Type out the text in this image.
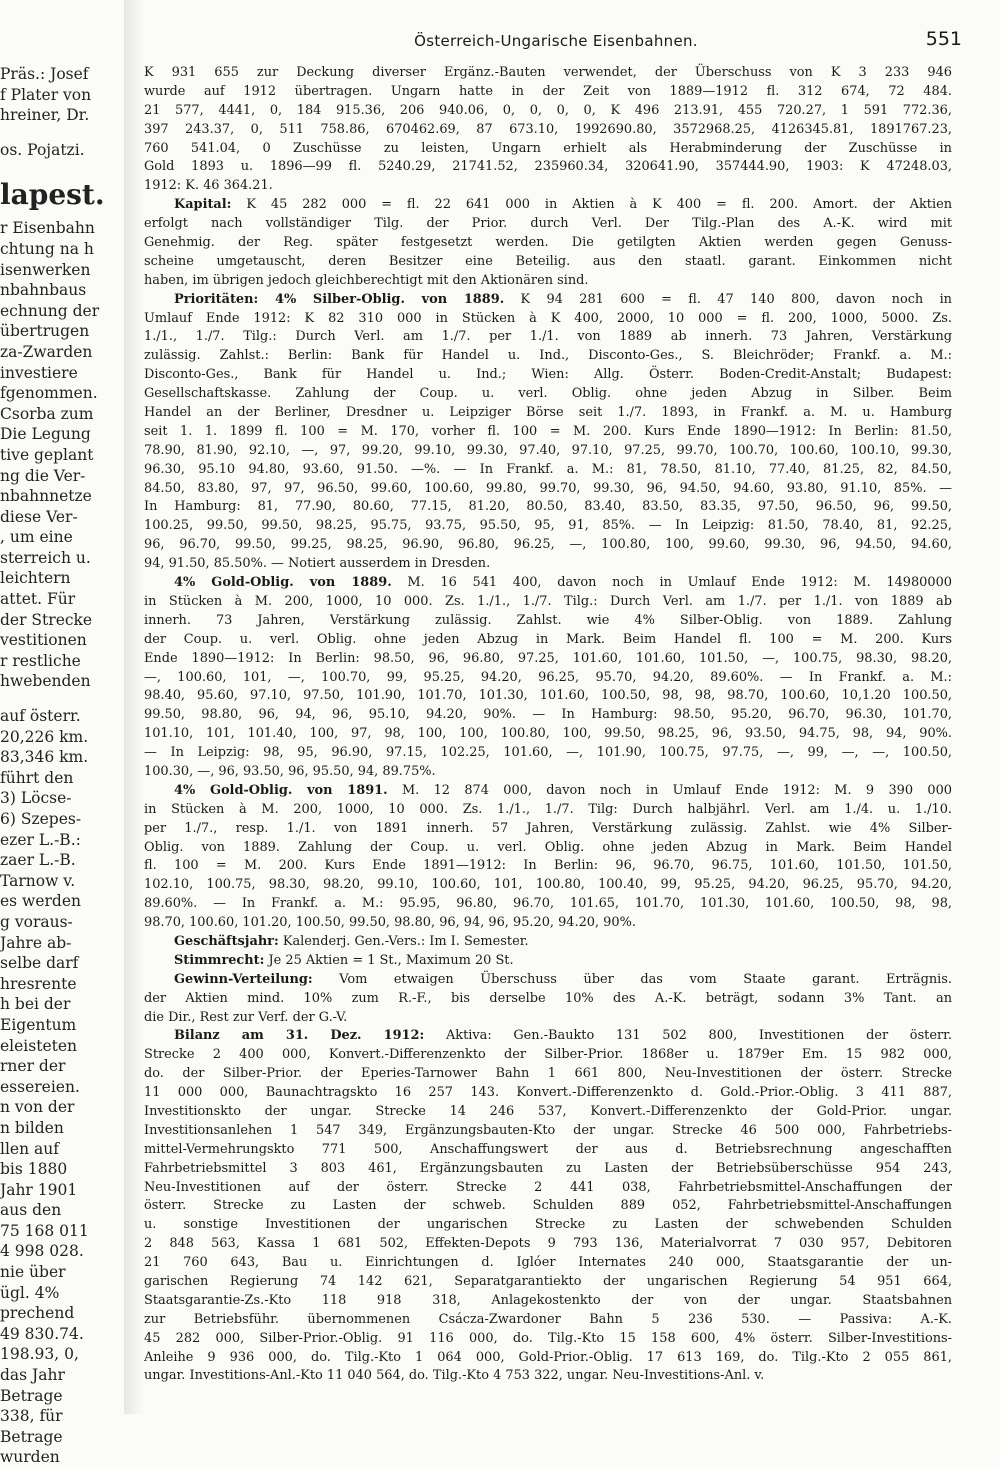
Präs.: Josef
f Plater von
hreiner, Dr.
os. Pojatzi.
lapest.
r Eisenbahn
chtung na h
isenwerken
nbahnbaus
echnung der
übertrugen
za-Zwarden
investiere
fgenommen.
Csorba zum
Die Legung
tive geplant
ng die Ver-
nbahnnetze
diese Ver-
, um eine
sterreich u.
leichtern
attet. Für
der Strecke
vestitionen
r restliche
hwebenden
auf österr.
20,226 km.
83,346 km.
führt den
3) Löcse-
6) Szepes-
ezer L.-B.:
zaer L.-B.
Tarnow v.
es werden
g voraus-
Jahre ab-
selbe darf
hresrente
h bei der
Eigentum
eleisteten
rner der
essereien.
n von der
n bilden
llen auf
bis 1880
Jahr 1901
aus den
75 168 011
4 998 028.
nie über
ügl. 4%
prechend
49 830.74.
198.93, 0,
das Jahr
Betrage
338, für
Betrage
wurden
Österreich-Ungarische Eisenbahnen.	551
K 931 655 zur Deckung diverser Ergänz.-Bauten verwendet, der Überschuss von K 3 233 946
wurde auf 1912 übertragen. Ungarn hatte in der Zeit von 1889—1912 fl. 312 674, 72 484.
21 577, 4441, 0, 184 915.36, 206 940.06, 0, 0, 0, 0, K 496 213.91, 455 720.27, 1 591 772.36,
397 243.37, 0, 511 758.86, 670462.69, 87 673.10, 1992690.80, 3572968.25, 4126345.81, 1891767.23,
760 541.04, 0 Zuschüsse zu leisten, Ungarn erhielt als Herabminderung der Zuschüsse in
Gold 1893 u. 1896—99 fl. 5240.29, 21741.52, 235960.34, 320641.90, 357444.90, 1903: K 47248.03,
1912: K. 46 364.21.
Kapital: K 45 282 000 = fl. 22 641 000 in Aktien à K 400 = fl. 200. Amort. der Aktien
erfolgt nach vollständiger Tilg. der Prior. durch Verl. Der Tilg.-Plan des A.-K. wird mit
Genehmig. der Reg. später festgesetzt werden. Die getilgten Aktien werden gegen Genuss-
scheine umgetauscht, deren Besitzer eine Beteilig. aus den staatl. garant. Einkommen nicht
haben, im übrigen jedoch gleichberechtigt mit den Aktionären sind.
Prioritäten: 4% Silber-Oblig. von 1889. K 94 281 600 = fl. 47 140 800, davon noch in
Umlauf Ende 1912: K 82 310 000 in Stücken à K 400, 2000, 10 000 = fl. 200, 1000, 5000. Zs.
1./1., 1./7. Tilg.: Durch Verl. am 1./7. per 1./1. von 1889 ab innerh. 73 Jahren, Verstärkung
zulässig. Zahlst.: Berlin: Bank für Handel u. Ind., Disconto-Ges., S. Bleichröder; Frankf. a. M.:
Disconto-Ges., Bank für Handel u. Ind.; Wien: Allg. Österr. Boden-Credit-Anstalt; Budapest:
Gesellschaftskasse. Zahlung der Coup. u. verl. Oblig. ohne jeden Abzug in Silber. Beim
Handel an der Berliner, Dresdner u. Leipziger Börse seit 1./7. 1893, in Frankf. a. M. u. Hamburg
seit 1. 1. 1899 fl. 100 = M. 170, vorher fl. 100 = M. 200. Kurs Ende 1890—1912: In Berlin: 81.50,
78.90, 81.90, 92.10, —, 97, 99.20, 99.10, 99.30, 97.40, 97.10, 97.25, 99.70, 100.70, 100.60, 100.10, 99.30,
96.30, 95.10 94.80, 93.60, 91.50. —%. — In Frankf. a. M.: 81, 78.50, 81.10, 77.40, 81.25, 82, 84.50,
84.50, 83.80, 97, 97, 96.50, 99.60, 100.60, 99.80, 99.70, 99.30, 96, 94.50, 94.60, 93.80, 91.10, 85%. —
In Hamburg: 81, 77.90, 80.60, 77.15, 81.20, 80.50, 83.40, 83.50, 83.35, 97.50, 96.50, 96, 99.50,
100.25, 99.50, 99.50, 98.25, 95.75, 93.75, 95.50, 95, 91, 85%. — In Leipzig: 81.50, 78.40, 81, 92.25,
96, 96.70, 99.50, 99.25, 98.25, 96.90, 96.80, 96.25, —, 100.80, 100, 99.60, 99.30, 96, 94.50, 94.60,
94, 91.50, 85.50%. — Notiert ausserdem in Dresden.
4% Gold-Oblig. von 1889. M. 16 541 400, davon noch in Umlauf Ende 1912: M. 14980000
in Stücken à M. 200, 1000, 10 000. Zs. 1./1., 1./7. Tilg.: Durch Verl. am 1./7. per 1./1. von 1889 ab
innerh. 73 Jahren, Verstärkung zulässig. Zahlst. wie 4% Silber-Oblig. von 1889. Zahlung
der Coup. u. verl. Oblig. ohne jeden Abzug in Mark. Beim Handel fl. 100 = M. 200. Kurs
Ende 1890—1912: In Berlin: 98.50, 96, 96.80, 97.25, 101.60, 101.60, 101.50, —, 100.75, 98.30, 98.20,
—, 100.60, 101, —, 100.70, 99, 95.25, 94.20, 96.25, 95.70, 94.20, 89.60%. — In Frankf. a. M.:
98.40, 95.60, 97.10, 97.50, 101.90, 101.70, 101.30, 101.60, 100.50, 98, 98, 98.70, 100.60, 10,1.20 100.50,
99.50, 98.80, 96, 94, 96, 95.10, 94.20, 90%. — In Hamburg: 98.50, 95.20, 96.70, 96.30, 101.70,
101.10, 101, 101.40, 100, 97, 98, 100, 100, 100.80, 100, 99.50, 98.25, 96, 93.50, 94.75, 98, 94, 90%.
— In Leipzig: 98, 95, 96.90, 97.15, 102.25, 101.60, —, 101.90, 100.75, 97.75, —, 99, —, —, 100.50,
100.30, —, 96, 93.50, 96, 95.50, 94, 89.75%.
4% Gold-Oblig. von 1891. M. 12 874 000, davon noch in Umlauf Ende 1912: M. 9 390 000
in Stücken à M. 200, 1000, 10 000. Zs. 1./1., 1./7. Tilg: Durch halbjährl. Verl. am 1./4. u. 1./10.
per 1./7., resp. 1./1. von 1891 innerh. 57 Jahren, Verstärkung zulässig. Zahlst. wie 4% Silber-
Oblig. von 1889. Zahlung der Coup. u. verl. Oblig. ohne jeden Abzug in Mark. Beim Handel
fl. 100 = M. 200. Kurs Ende 1891—1912: In Berlin: 96, 96.70, 96.75, 101.60, 101.50, 101.50,
102.10, 100.75, 98.30, 98.20, 99.10, 100.60, 101, 100.80, 100.40, 99, 95.25, 94.20, 96.25, 95.70, 94.20,
89.60%. — In Frankf. a. M.: 95.95, 96.80, 96.70, 101.65, 101.70, 101.30, 101.60, 100.50, 98, 98,
98.70, 100.60, 101.20, 100.50, 99.50, 98.80, 96, 94, 96, 95.20, 94.20, 90%.
Geschäftsjahr: Kalenderj. Gen.-Vers.: Im I. Semester.
Stimmrecht: Je 25 Aktien = 1 St., Maximum 20 St.
Gewinn-Verteilung: Vom etwaigen Überschuss über das vom Staate garant. Erträgnis.
der Aktien mind. 10% zum R.-F., bis derselbe 10% des A.-K. beträgt, sodann 3% Tant. an
die Dir., Rest zur Verf. der G.-V.
Bilanz am 31. Dez. 1912: Aktiva: Gen.-Baukto 131 502 800, Investitionen der österr.
Strecke 2 400 000, Konvert.-Differenzenkto der Silber-Prior. 1868er u. 1879er Em. 15 982 000,
do. der Silber-Prior. der Eperies-Tarnower Bahn 1 661 800, Neu-Investitionen der österr. Strecke
11 000 000, Baunachtragskto 16 257 143. Konvert.-Differenzenkto d. Gold.-Prior.-Oblig. 3 411 887,
Investitionskto der ungar. Strecke 14 246 537, Konvert.-Differenzenkto der Gold-Prior. ungar.
Investitionsanlehen 1 547 349, Ergänzungsbauten-Kto der ungar. Strecke 46 500 000, Fahrbetriebs-
mittel-Vermehrungskto 771 500, Anschaffungswert der aus d. Betriebsrechnung angeschafften
Fahrbetriebsmittel 3 803 461, Ergänzungsbauten zu Lasten der Betriebsüberschüsse 954 243,
Neu-Investitionen auf der österr. Strecke 2 441 038, Fahrbetriebsmittel-Anschaffungen der
österr. Strecke zu Lasten der schweb. Schulden 889 052, Fahrbetriebsmittel-Anschaffungen
u. sonstige Investitionen der ungarischen Strecke zu Lasten der schwebenden Schulden
2 848 563, Kassa 1 681 502, Effekten-Depots 9 793 136, Materialvorrat 7 030 957, Debitoren
21 760 643, Bau u. Einrichtungen d. Iglóer Internates 240 000, Staatsgarantie der un-
garischen Regierung 74 142 621, Separatgarantiekto der ungarischen Regierung 54 951 664,
Staatsgarantie-Zs.-Kto 118 918 318, Anlagekostenkto der von der ungar. Staatsbahnen
zur Betriebsführ. übernommenen Csácza-Zwardoner Bahn 5 236 530. — Passiva: A.-K.
45 282 000, Silber-Prior.-Oblig. 91 116 000, do. Tilg.-Kto 15 158 600, 4% österr. Silber-Investitions-
Anleihe 9 936 000, do. Tilg.-Kto 1 064 000, Gold-Prior.-Oblig. 17 613 169, do. Tilg.-Kto 2 055 861,
ungar. Investitions-Anl.-Kto 11 040 564, do. Tilg.-Kto 4 753 322, ungar. Neu-Investitions-Anl. v.
